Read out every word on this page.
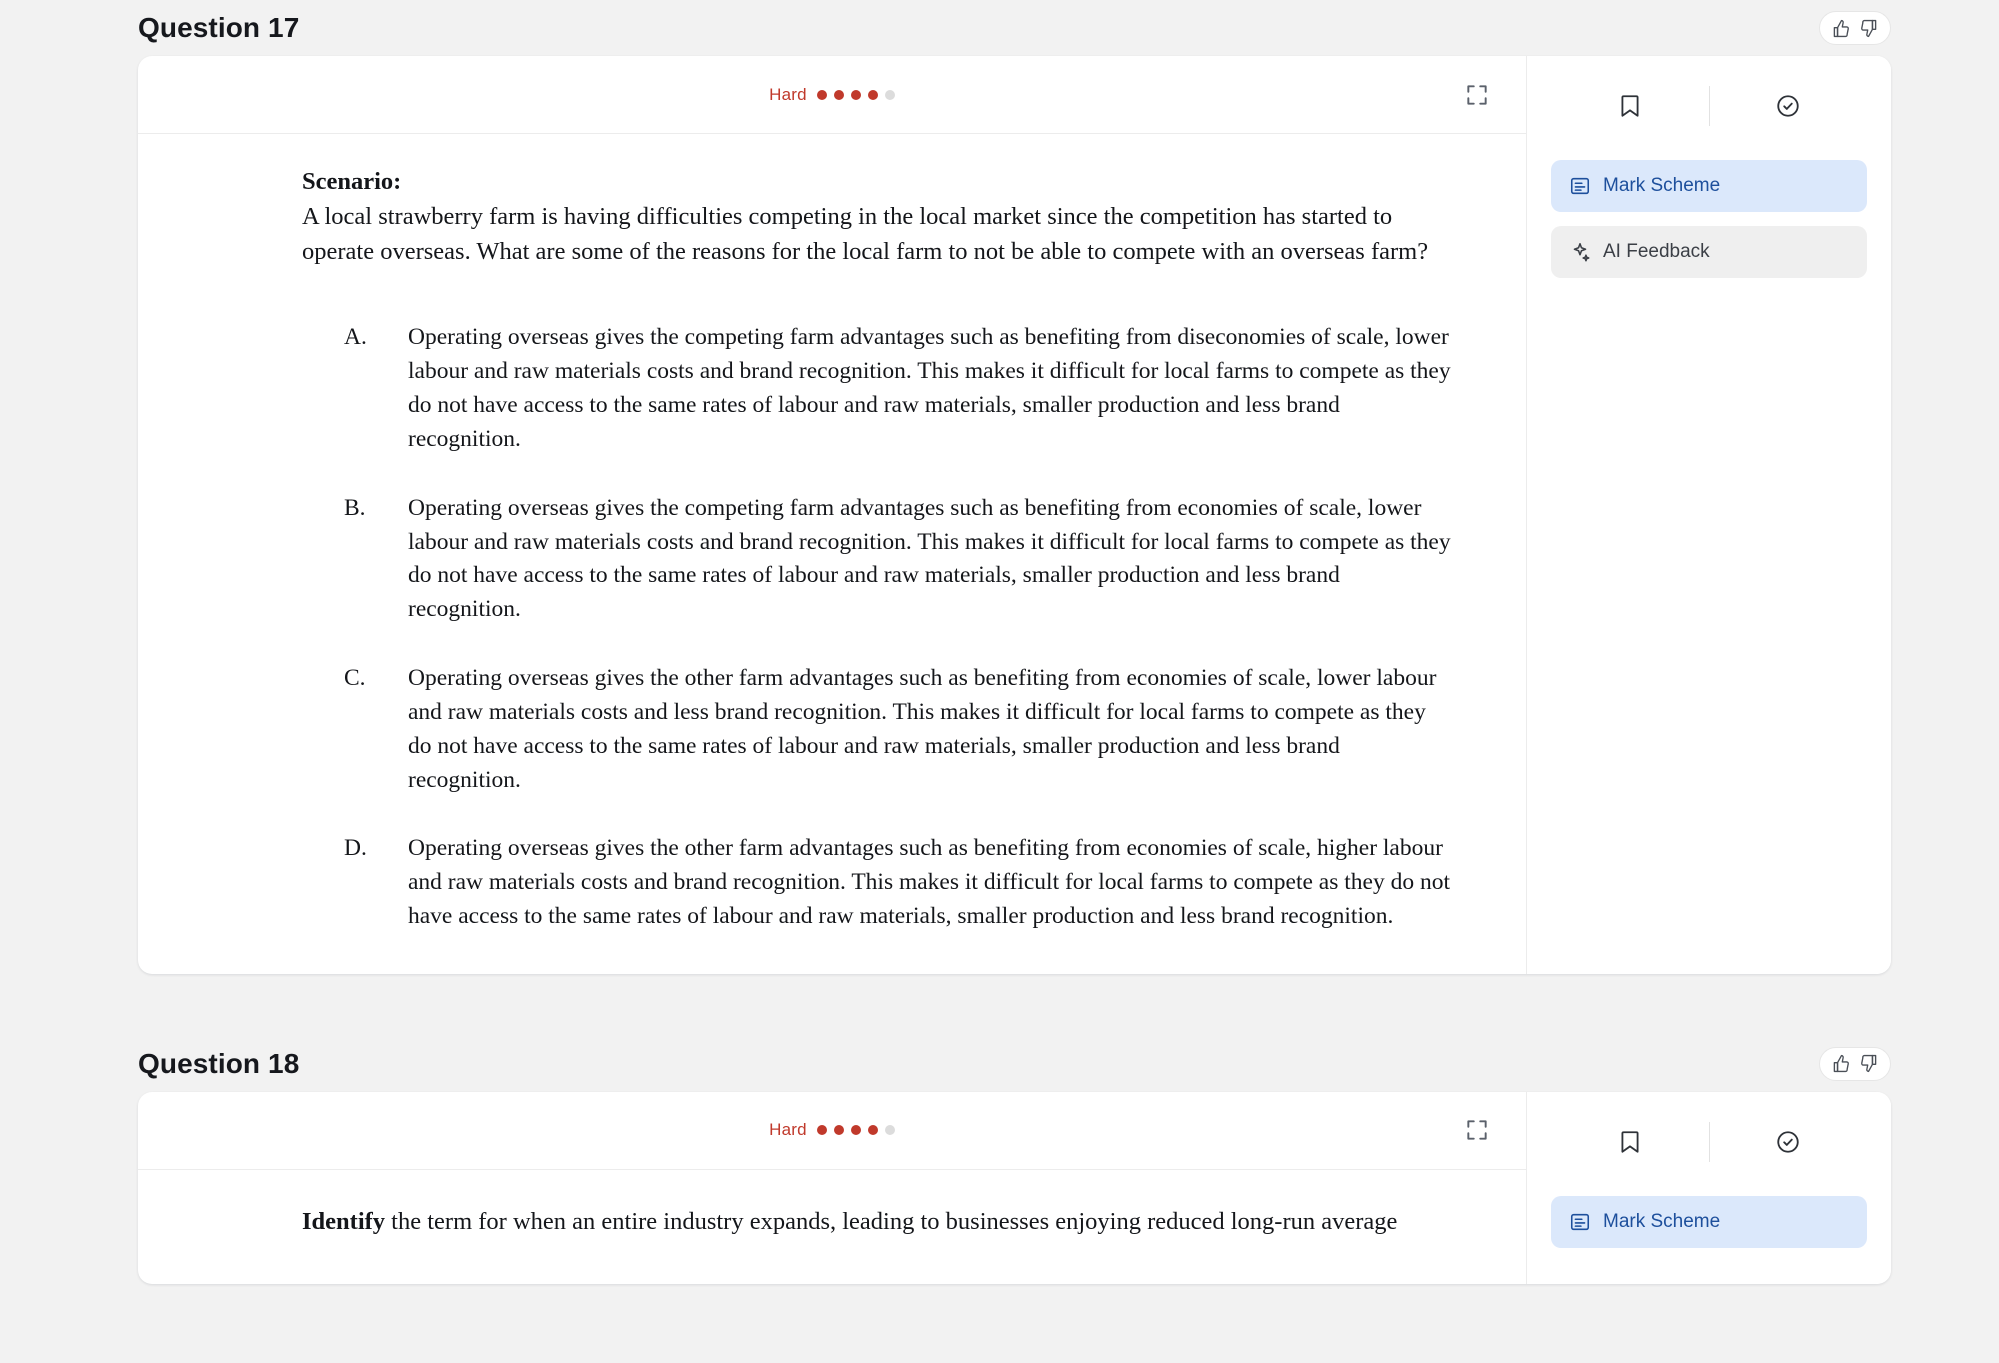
Question 17
Hard
Scenario:

A local strawberry farm is having difficulties competing in the local market since the competition has started to operate overseas. What are some of the reasons for the local farm to not be able to compete with an overseas farm?

A.	Operating overseas gives the competing farm advantages such as benefiting from diseconomies of scale, lower labour and raw materials costs and brand recognition. This makes it difficult for local farms to compete as they do not have access to the same rates of labour and raw materials, smaller production and less brand recognition.
B.	Operating overseas gives the competing farm advantages such as benefiting from economies of scale, lower labour and raw materials costs and brand recognition. This makes it difficult for local farms to compete as they do not have access to the same rates of labour and raw materials, smaller production and less brand recognition.
C.	Operating overseas gives the other farm advantages such as benefiting from economies of scale, lower labour and raw materials costs and less brand recognition. This makes it difficult for local farms to compete as they do not have access to the same rates of labour and raw materials, smaller production and less brand recognition.
D.	Operating overseas gives the other farm advantages such as benefiting from economies of scale, higher labour and raw materials costs and brand recognition. This makes it difficult for local farms to compete as they do not have access to the same rates of labour and raw materials, smaller production and less brand recognition.
Mark Scheme
AI Feedback
Question 18
Hard
Identify the term for when an entire industry expands, leading to businesses enjoying reduced long-run average	Mark Scheme
